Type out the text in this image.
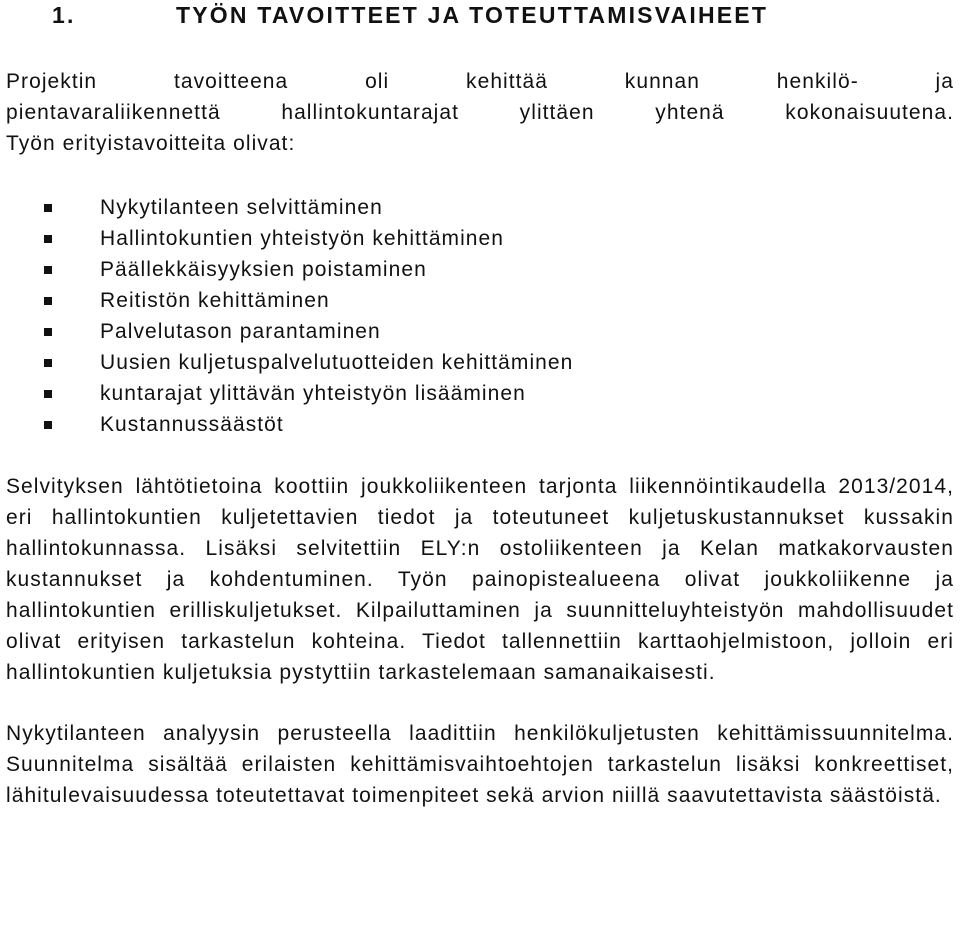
1.	TYÖN TAVOITTEET JA TOTEUTTAMISVAIHEET
Projektin tavoitteena oli kehittää kunnan henkilö- ja
pientavaraliikennettä hallintokuntarajat ylittäen yhtenä kokonaisuutena.
Työn erityistavoitteita olivat:
Nykytilanteen selvittäminen
Hallintokuntien yhteistyön kehittäminen
Päällekkäisyyksien poistaminen
Reitistön kehittäminen
Palvelutason parantaminen
Uusien kuljetuspalvelutuotteiden kehittäminen
kuntarajat ylittävän yhteistyön lisääminen
Kustannussäästöt

Selvityksen lähtötietoina koottiin joukkoliikenteen tarjonta liikennöintikaudella 2013/2014, eri hallintokuntien kuljetettavien tiedot ja toteutuneet kuljetuskustannukset kussakin hallintokunnassa. Lisäksi selvitettiin ELY:n ostoliikenteen ja Kelan matkakorvausten kustannukset ja kohdentuminen. Työn painopistealueena olivat joukkoliikenne ja hallintokuntien erilliskuljetukset. Kilpailuttaminen ja suunnitteluyhteistyön mahdollisuudet olivat erityisen tarkastelun kohteina. Tiedot tallennettiin karttaohjelmistoon, jolloin eri hallintokuntien kuljetuksia pystyttiin tarkastelemaan samanaikaisesti.

Nykytilanteen analyysin perusteella laadittiin henkilökuljetusten kehittämissuunnitelma. Suunnitelma sisältää erilaisten kehittämisvaihtoehtojen tarkastelun lisäksi konkreettiset, lähitulevaisuudessa toteutettavat toimenpiteet sekä arvion niillä saavutettavista säästöistä.
